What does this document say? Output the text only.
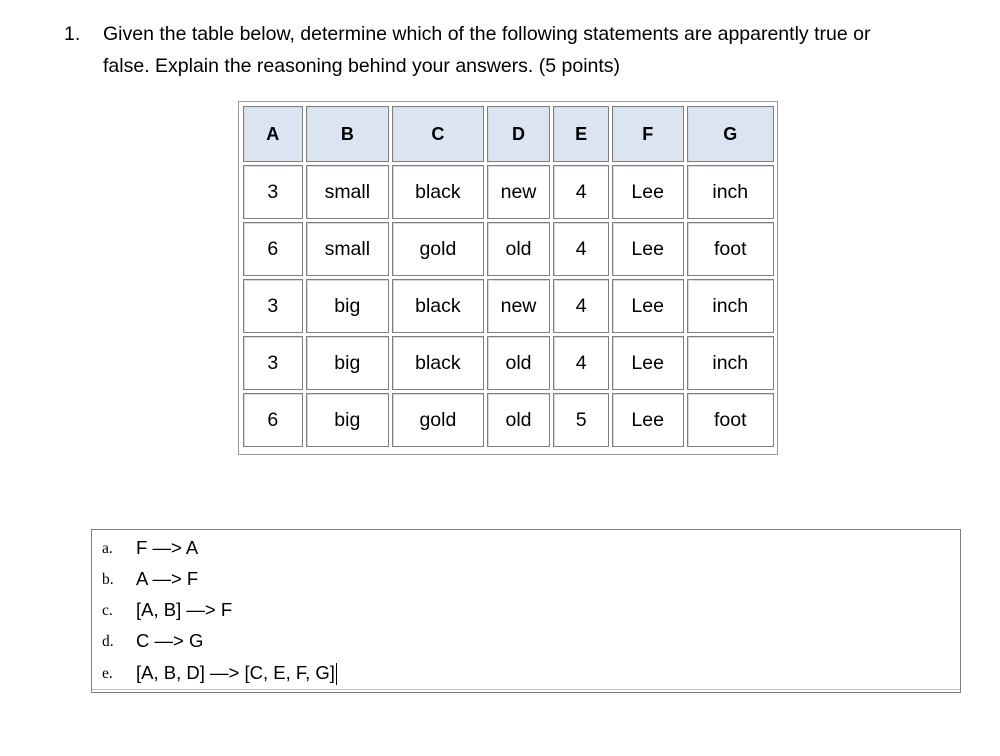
1. Given the table below, determine which of the following statements are apparently true or
false. Explain the reasoning behind your answers. (5 points)
A	B	C	D	E	F	G
3	small	black	new	4	Lee	inch
6	small	gold	old	4	Lee	foot
3	big	black	new	4	Lee	inch
3	big	black	old	4	Lee	inch
6	big	gold	old	5	Lee	foot
a. F —> A
b. A —> F
c. [A, B] —> F
d. C —> G
e. [A, B, D] —> [C, E, F, G]
